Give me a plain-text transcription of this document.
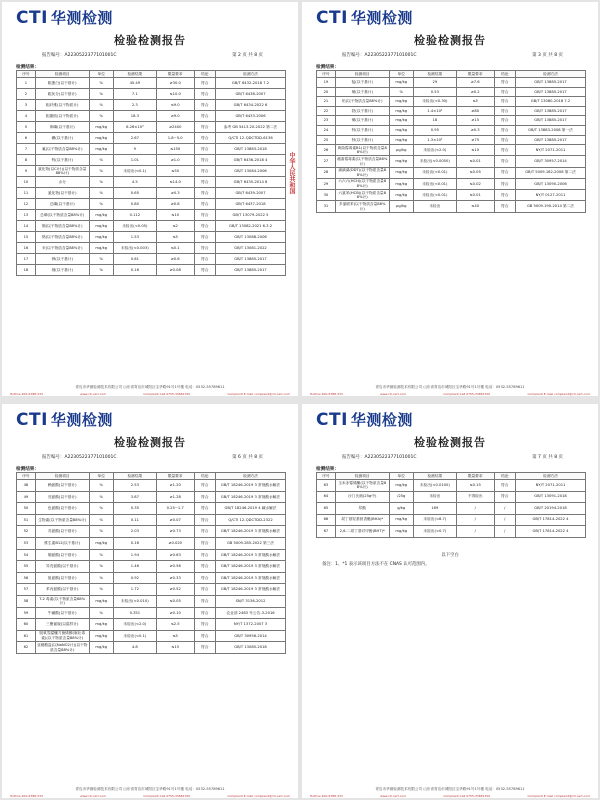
CTI 华测检测
检验检测报告
报告编号：A2230522377101001C	第 2 页 共 8 页
检测结果：
序号	检测项目	单位	检测结果	限量要求	结论	检测方法
1	粗蛋白(以干基计)	%	45.49	≥30.0	符合	GB/T 6432-2018 7.2
2	粗灰分(以干基计)	%	7.1	≤10.0	符合	GB/T 6438-2007
3	粗纤维(以干物质计)	%	2.3	≤9.0	符合	GB/T 6434-2022 6
4	粗脂肪(以干物质计)	%	18.3	≥9.0	符合	GB/T 6433-2006
5	卵磷(以干基计)	mg/kg	6.26×10³	≥2400	符合	参考 GB 5413.20-2022 第二法
6	碘(以干基计)	mg/kg	2.67	1.8~5.0	符合	Q/CTI 12-QDCTDD-6136
7	氟(以干物质含量88%计)	mg/kg	9	≤150	符合	GB/T 13883-2018
8	钙(以干基计)	%	1.01	≥1.0	符合	GB/T 6436-2018 4
9	氯化物(以Cl计)(以干物质含量88%计)	%	未检出(<0.1)	≤50	符合	GB/T 13084-2006
10	水分	%	4.5	≤14.0	符合	GB/T 6435-2014 8
11	氯化物(以干基计)	%	0.65	≥0.3	符合	GB/T 6439-2007
12	总磷(以干基计)	%	0.80	≥0.8	符合	GB/T 6437-2018
13	总砷(以干物质含量88%计)	mg/kg	0.112	≤10	符合	GB/T 13079-2022 5
14	镉(以干物质含量88%计)	mg/kg	未检出(<0.05)	≤2	符合	GB/T 13082-2021 6.3.2
15	铬(以干物质含量88%计)	mg/kg	1.53	≤5	符合	GB/T 13088-2006
16	汞(以干物质含量88%计)	mg/kg	未检出(<0.003)	≤0.1	符合	GB/T 13081-2022
17	钾(以干基计)	%	0.61	≥0.6	符合	GB/T 13885-2017
18	钠(以干基计)	%	0.16	≥0.08	符合	GB/T 13885-2017
中华人民共和国
青岛市华测检测技术有限公司 山东省青岛市城阳区宝华路91号1号楼 电话：0532-55789611
Hotline 400-6788-333	www.cti-cert.com	Complaint Call 0755-33681700	Complaint E-mail complaint@cti-cert.com
CTI 华测检测
检验检测报告
报告编号：A2230522377101001C	第 3 页 共 8 页
检测结果：
序号	检测项目	单位	检测结果	限量要求	结论	检测方法
19	锰(以干基计)	mg/kg	29	≥7.6	符合	GB/T 13885-2017
20	铜(以干基计)	%	0.53	≥0.2	符合	GB/T 13885-2017
21	铅(以干物质含量88%计)	mg/kg	未检出(<0.30)	≤5	符合	GB/T 13080-2018 7.2
22	铁(以干基计)	mg/kg	1.4×10²	≥80	符合	GB/T 13885-2017
23	铜(以干基计)	mg/kg	18	≥15	符合	GB/T 13885-2017
24	锌(以干基计)	mg/kg	0.95	≥0.3	符合	GB/T 13883-2008 第一法
25	锌(以干基计)	mg/kg	1.3×10²	≥75	符合	GB/T 13885-2017
26	黄曲霉毒素B1(以干物质含量88%计)	μg/kg	未检出(<2.0)	≤10	符合	NY/T 2071-2011
27	赭曲霉毒素(以干物质含量88%计)	mg/kg	未检出(<0.0050)	≤0.01	符合	GB/T 30957-2014
28	滴滴涕(DDT)(以干物质含量88%计)	mg/kg	未检出(<0.01)	≤0.05	符合	GB/T 5009.162-2008 第二法
29	六六六(HCH)(以干物质含量88%计)	mg/kg	未检出(<0.01)	≤0.02	符合	GB/T 13090-2006
30	六氯苯(HCB)(以干物质含量88%计)	mg/kg	未检出(<0.01)	≤0.01	符合	NY/T 0127-2011
31	多氯联苯(以干物质含量88%计)	μg/kg	未检出	≤40	符合	GB 5009.190-2014 第二法
青岛市华测检测技术有限公司 山东省青岛市城阳区宝华路91号1号楼 电话：0532-55789611
Hotline 400-6788-333	www.cti-cert.com	Complaint Call 0755-33681700	Complaint E-mail complaint@cti-cert.com
CTI 华测检测
检验检测报告
报告编号：A2230522377101001C	第 6 页 共 8 页
检测结果：
序号	检测项目	单位	检测结果	限量要求	结论	检测方法
48	赖氨酸(以干基计)	%	2.53	≥1.20	符合	GB/T 18246-2019 3 常规酸水解法
49	亮氨酸(以干基计)	%	3.87	≥1.28	符合	GB/T 18246-2019 3 常规酸水解法
50	色氨酸(以干基计)	%	0.35	0.25~1.7	符合	GB/T 18246-2019 4 碱水解法
51	生物素(以干物质含量88%计)	%	0.11	≥0.07	符合	Q/CTI 12-QDCTDD-2322
52	苏氨酸(以干基计)	%	2.03	≥0.73	符合	GB/T 18246-2019 3 常规酸水解法
53	维生素B12(以干基计)	mg/kg	0.16	≥0.020	符合	GB 5009.285-2022 第三法
54	缬氨酸(以干基计)	%	1.94	≥0.63	符合	GB/T 18246-2019 3 常规酸水解法
55	异亮氨酸(以干基计)	%	1.46	≥0.56	符合	GB/T 18246-2019 3 常规酸水解法
56	组氨酸(以干基计)	%	0.92	≥0.33	符合	GB/T 18246-2019 3 常规酸水解法
57	苯丙氨酸(以干基计)	%	1.72	≥0.52	符合	GB/T 18246-2019 3 常规酸水解法
58	T-2 毒素(以干物质含量88%计)	mg/kg	未检出(<0.010)	≤0.05	符合	SN/T 3136-2012
59	牛磺酸(以干基计)	%	0.351	≥0.10	符合	农业部 2483 号公告-3-2016
60	三聚氰胺(以湿样计)	mg/kg	未检出(<2.0)	≤2.5	符合	NY/T 1372-2007 3
61	脱氧雪腐镰刀菌烯醇(呕吐毒素)(以干物质含量88%计)	mg/kg	未检出(<0.1)	≤5	符合	GB/T 30956-2014
62	亚硝酸盐(以NaNO2计)(以干物质含量88%计)	mg/kg	4.8	≤15	符合	GB/T 13085-2018
青岛市华测检测技术有限公司 山东省青岛市城阳区宝华路91号1号楼 电话：0532-55789611
Hotline 400-6788-333	www.cti-cert.com	Complaint Call 0755-33681700	Complaint E-mail complaint@cti-cert.com
CTI 华测检测
检验检测报告
报告编号：A2230522377101001C	第 7 页 共 8 页
检测结果：
序号	检测项目	单位	检测结果	限量要求	结论	检测方法
63	玉米赤霉烯酮(以干物质含量88%计)	mg/kg	未检出(<0.0100)	≤0.15	符合	NY/T 2071-2011
64	沙门氏菌(25g中)	/25g	未检出	不得检出	符合	GB/T 13091-2018
65	尿酸	g/kg	169	/	/	GB/T 20194-2018
66	叔丁基羟基茴香醚(BHA)*	mg/kg	未检出(<8.7)	/	/	GB/T 17814-2022 4
67	2,6-二叔丁基对甲酚(BHT)*	mg/kg	未检出(<0.7)	/	/	GB/T 17814-2022 4
以下空白
备注：1、*1 表示该项目方法不在 CNAS 认可范围内。
青岛市华测检测技术有限公司 山东省青岛市城阳区宝华路91号1号楼 电话：0532-55789611
Hotline 400-6788-333	www.cti-cert.com	Complaint Call 0755-33681700	Complaint E-mail complaint@cti-cert.com
